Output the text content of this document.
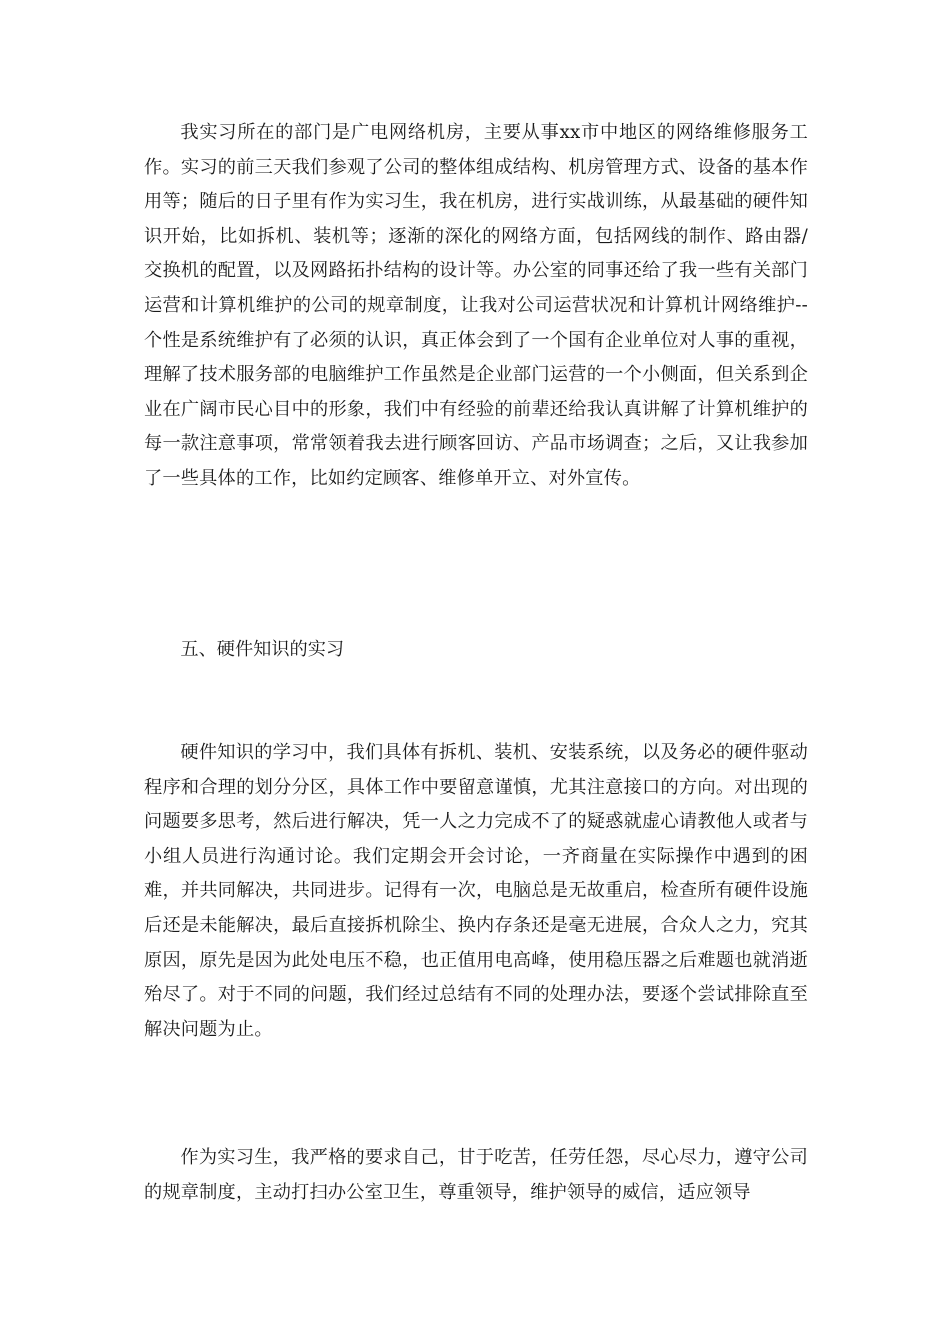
我实习所在的部门是广电网络机房，主要从事xx市中地区的网络维修服务工作。实习的前三天我们参观了公司的整体组成结构、机房管理方式、设备的基本作用等；随后的日子里有作为实习生，我在机房，进行实战训练，从最基础的硬件知识开始，比如拆机、装机等；逐渐的深化的网络方面，包括网线的制作、路由器/交换机的配置，以及网路拓扑结构的设计等。办公室的同事还给了我一些有关部门运营和计算机维护的公司的规章制度，让我对公司运营状况和计算机计网络维护--个性是系统维护有了必须的认识，真正体会到了一个国有企业单位对人事的重视，理解了技术服务部的电脑维护工作虽然是企业部门运营的一个小侧面，但关系到企业在广阔市民心目中的形象，我们中有经验的前辈还给我认真讲解了计算机维护的每一款注意事项，常常领着我去进行顾客回访、产品市场调查；之后，又让我参加了一些具体的工作，比如约定顾客、维修单开立、对外宣传。

五、硬件知识的实习

硬件知识的学习中，我们具体有拆机、装机、安装系统，以及务必的硬件驱动程序和合理的划分分区，具体工作中要留意谨慎，尤其注意接口的方向。对出现的问题要多思考，然后进行解决，凭一人之力完成不了的疑惑就虚心请教他人或者与小组人员进行沟通讨论。我们定期会开会讨论，一齐商量在实际操作中遇到的困难，并共同解决，共同进步。记得有一次，电脑总是无故重启，检查所有硬件设施后还是未能解决，最后直接拆机除尘、换内存条还是毫无进展，合众人之力，究其原因，原先是因为此处电压不稳，也正值用电高峰，使用稳压器之后难题也就消逝殆尽了。对于不同的问题，我们经过总结有不同的处理办法，要逐个尝试排除直至解决问题为止。

作为实习生，我严格的要求自己，甘于吃苦，任劳任怨，尽心尽力，遵守公司的规章制度，主动打扫办公室卫生，尊重领导，维护领导的威信，适应领导
